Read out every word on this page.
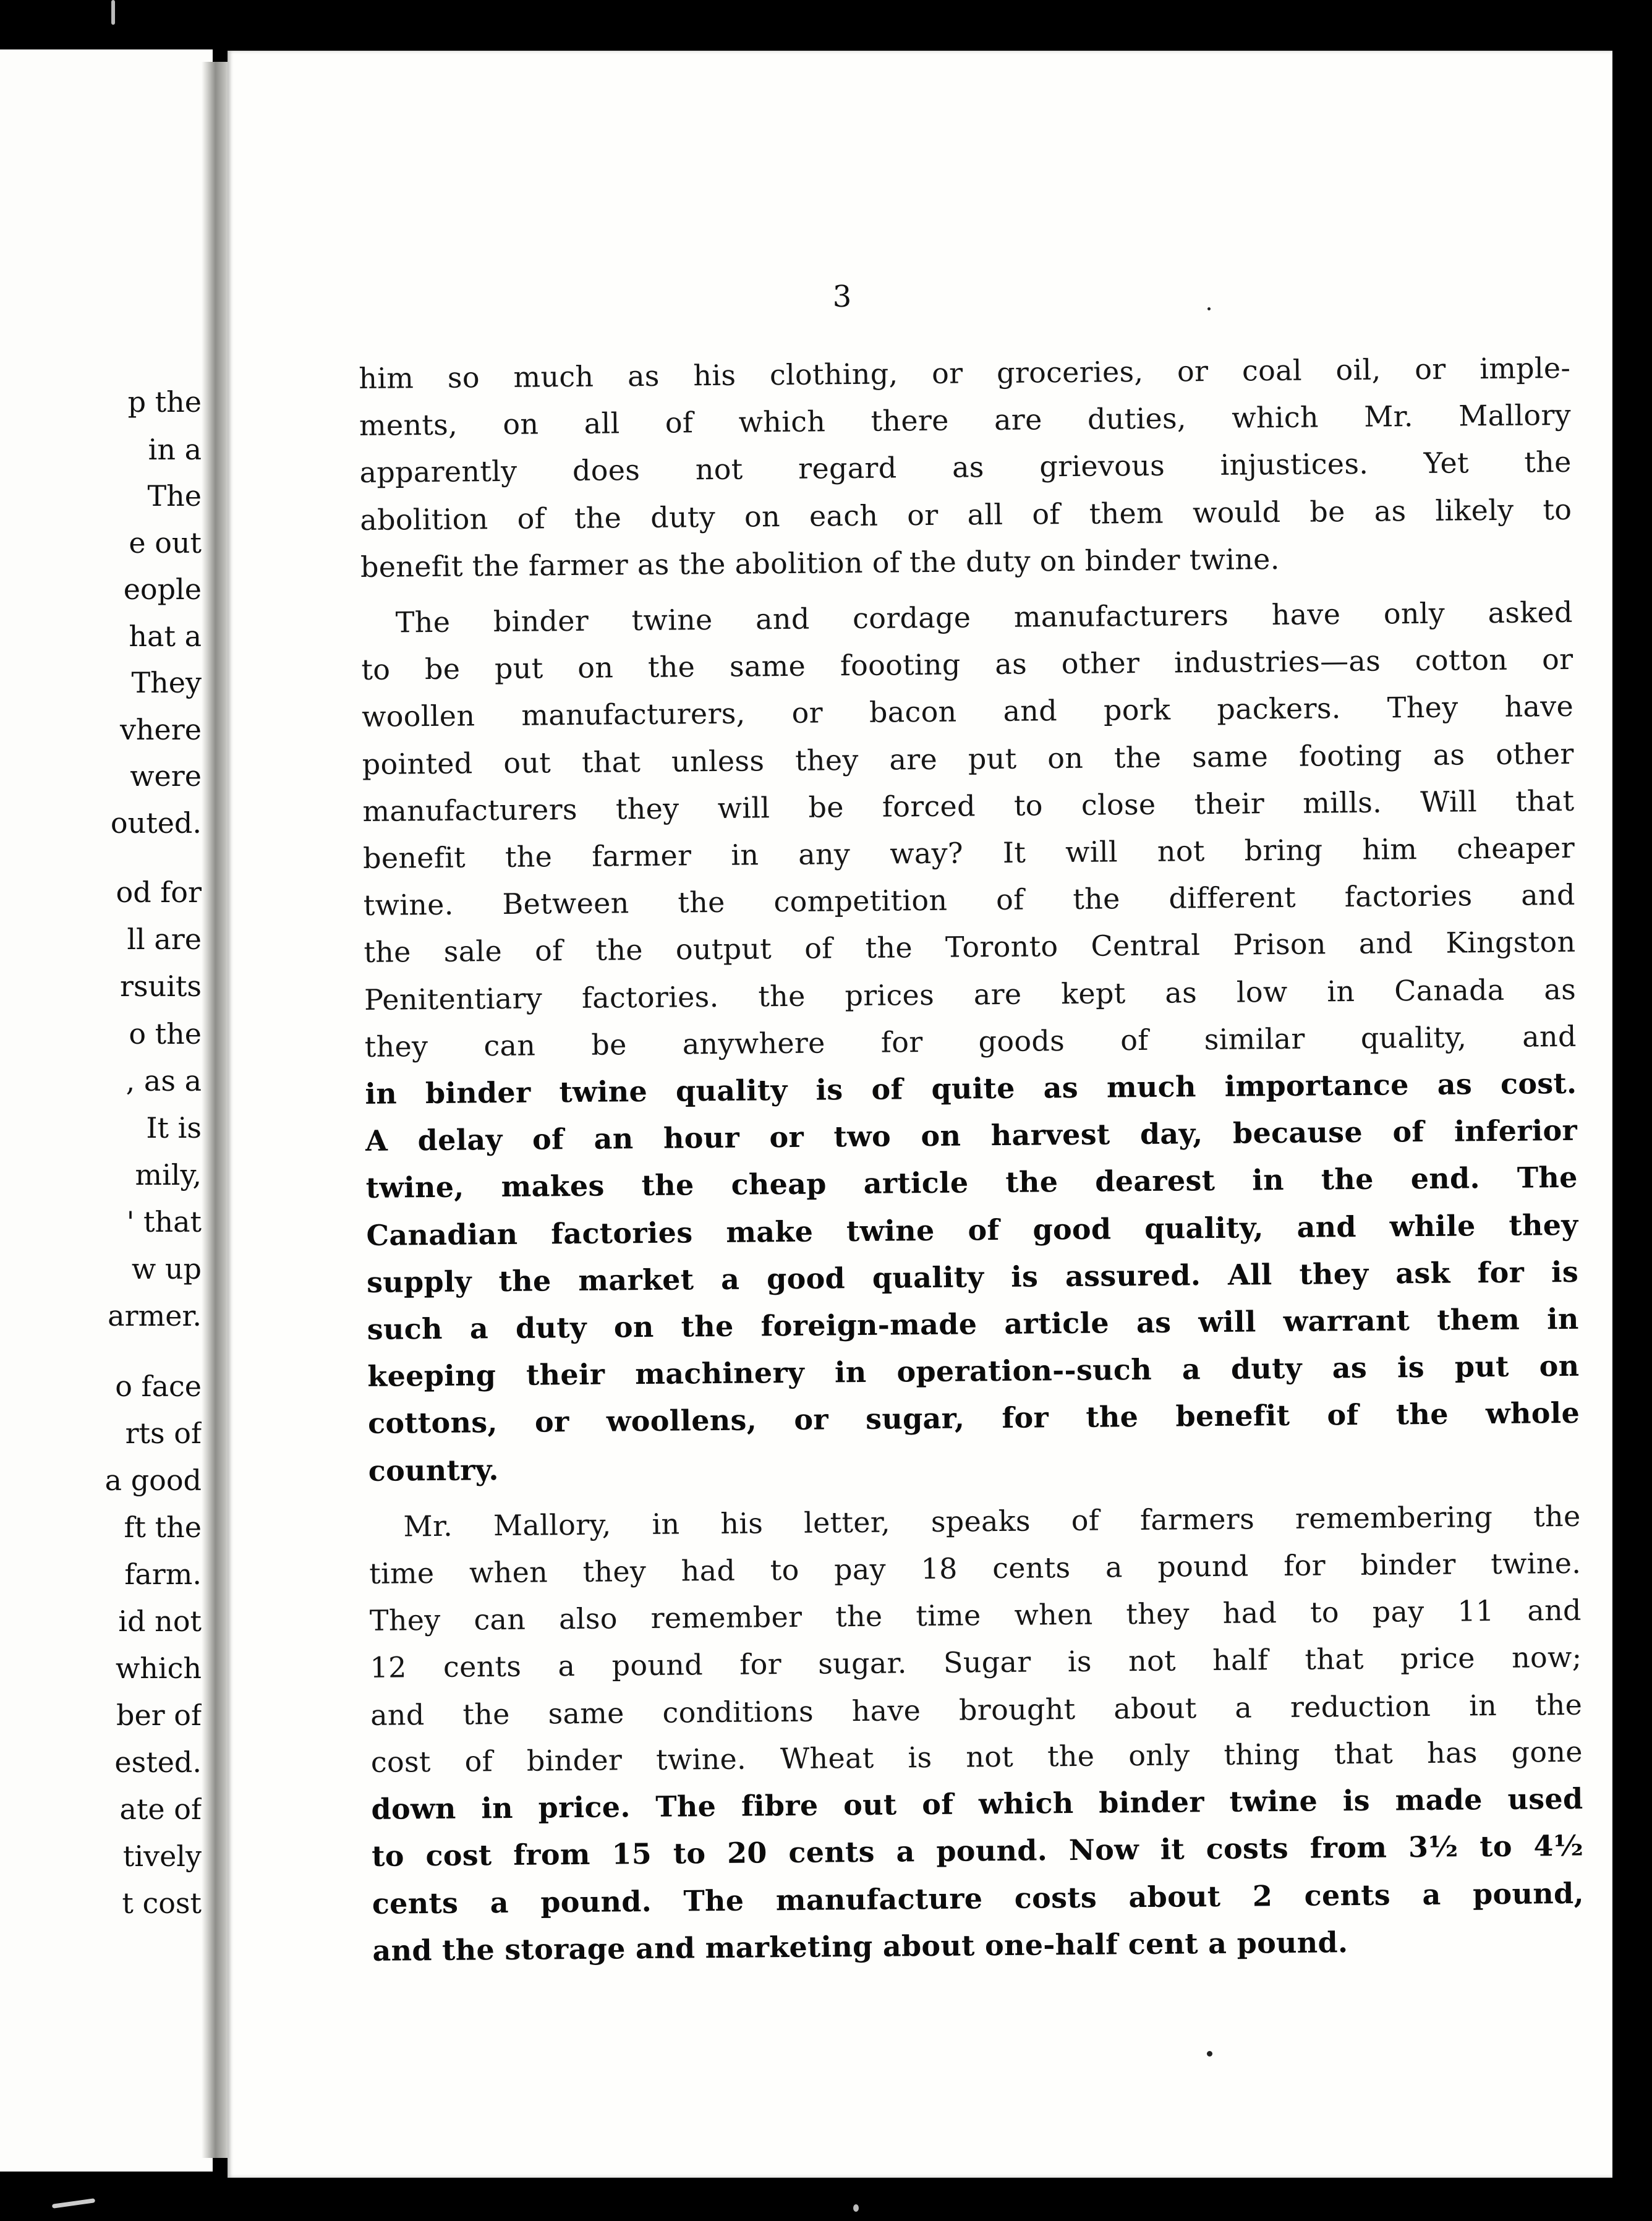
p the
in a
The
e out
eople
hat a
They
vhere
were
outed.
od for
ll are
rsuits
o the
, as a
It is
mily,
' that
w up
armer.
o face
rts of
a good
ft the
farm.
id not
which
ber of
ested.
ate of
tively
t cost
3

him so much as his clothing, or groceries, or coal oil, or imple-
ments, on all of which there are duties, which Mr. Mallory
apparently does not regard as grievous injustices. Yet the
abolition of the duty on each or all of them would be as likely to
benefit the farmer as the abolition of the duty on binder twine.

The binder twine and cordage manufacturers have only asked
to be put on the same foooting as other industries—as cotton or
woollen manufacturers, or bacon and pork packers. They have
pointed out that unless they are put on the same footing as other
manufacturers they will be forced to close their mills. Will that
benefit the farmer in any way? It will not bring him cheaper
twine. Between the competition of the different factories and
the sale of the output of the Toronto Central Prison and Kingston
Penitentiary factories. the prices are kept as low in Canada as
they can be anywhere for goods of similar quality, and
in binder twine quality is of quite as much importance as cost.
A delay of an hour or two on harvest day, because of inferior
twine, makes the cheap article the dearest in the end. The
Canadian factories make twine of good quality, and while they
supply the market a good quality is assured. All they ask for is
such a duty on the foreign-made article as will warrant them in
keeping their machinery in operation--such a duty as is put on
cottons, or woollens, or sugar, for the benefit of the whole
country.

Mr. Mallory, in his letter, speaks of farmers remembering the
time when they had to pay 18 cents a pound for binder twine.
They can also remember the time when they had to pay 11 and
12 cents a pound for sugar. Sugar is not half that price now;
and the same conditions have brought about a reduction in the
cost of binder twine. Wheat is not the only thing that has gone
down in price. The fibre out of which binder twine is made used
to cost from 15 to 20 cents a pound. Now it costs from 3½ to 4½
cents a pound. The manufacture costs about 2 cents a pound,
and the storage and marketing about one-half cent a pound.
